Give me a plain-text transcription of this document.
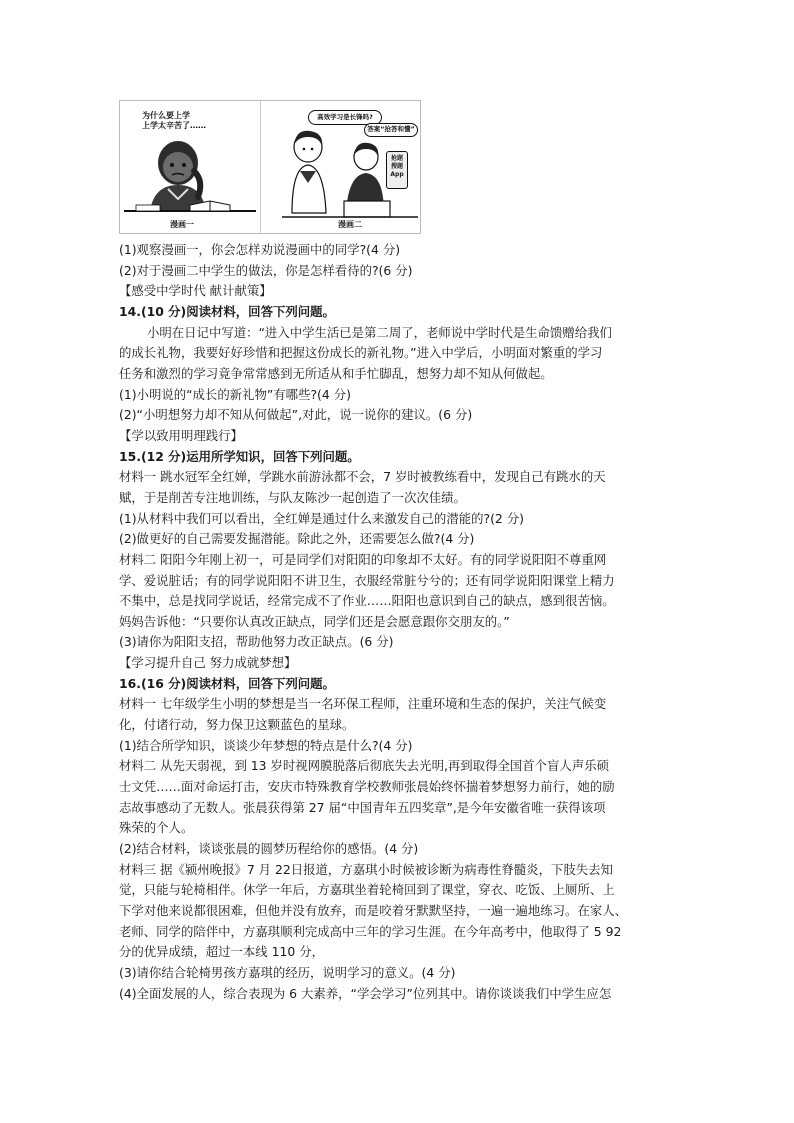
为什么要上学
上学太辛苦了……
漫画一
高效学习是长锋吗?
答案“抢答和懂”
抢题
搜题
App
漫画二

(1)观察漫画一，你会怎样劝说漫画中的同学?(4 分)

(2)对于漫画二中学生的做法，你是怎样看待的?(6 分)

【感受中学时代 献计献策】

14.(10 分)阅读材料，回答下列问题。

小明在日记中写道：“进入中学生活已是第二周了，老师说中学时代是生命馈赠给我们

的成长礼物，我要好好珍惜和把握这份成长的新礼物。”进入中学后，小明面对繁重的学习

任务和激烈的学习竟争常常感到无所适从和手忙脚乱，想努力却不知从何做起。

(1)小明说的“成长的新礼物”有哪些?(4 分)

(2)“小明想努力却不知从何做起”,对此，说一说你的建议。(6 分)

【学以致用明理践行】

15.(12 分)运用所学知识，回答下列问题。

材料一 跳水冠军全红婵，学跳水前游泳都不会，7 岁时被教练看中，发现自己有跳水的天

赋，于是削苦专注地训练，与队友陈沙一起创造了一次次佳绩。

(1)从材料中我们可以看出，全红婵是通过什么来激发自己的潜能的?(2 分)

(2)做更好的自己需要发掘潜能。除此之外，还需要怎么做?(4 分)

材料二 阳阳今年刚上初一，可是同学们对阳阳的印象却不太好。有的同学说阳阳不尊重网

学、爱说脏话；有的同学说阳阳不讲卫生，衣服经常脏兮兮的；还有同学说阳阳课堂上精力

不集中，总是找同学说话，经常完成不了作业……阳阳也意识到自己的缺点，感到很苦恼。

妈妈告诉他：“只要你认真改正缺点，同学们还是会愿意跟你交朋友的。”

(3)请你为阳阳支招，帮助他努力改正缺点。(6 分)

【学习提升自己 努力成就梦想】

16.(16 分)阅读材料，回答下列问题。

材料一 七年级学生小明的梦想是当一名环保工程师，注重环境和生态的保护，关注气候变

化，付诸行动，努力保卫这颗蓝色的星球。

(1)结合所学知识，谈谈少年梦想的特点是什么?(4 分)

材料二 从先天弱视，到 13 岁时视网膜脱落后彻底失去光明,再到取得全国首个盲人声乐硕

士文凭……面对命运打击，安庆市特殊教育学校教师张晨始终怀揣着梦想努力前行，她的励

志故事感动了无数人。张晨获得第 27 届“中国青年五四奖章”,是今年安徽省唯一获得该项

殊荣的个人。

(2)结合材料，谈谈张晨的圆梦历程给你的感悟。(4 分)

材料三 据《颍州晚报》7 月 22日报道，方嘉琪小时候被诊断为病毒性脊髓炎，下肢失去知

觉，只能与轮椅相伴。休学一年后，方嘉琪坐着轮椅回到了课堂，穿衣、吃饭、上厕所、上

下学对他来说都很困难，但他并没有放弃，而是咬着牙默默坚持，一遍一遍地练习。在家人、

老师、同学的陪伴中，方嘉琪顺利完成高中三年的学习生涯。在今年高考中，他取得了 5 92

分的优异成绩，超过一本线 110 分，

(3)请你结合轮椅男孩方嘉琪的经历，说明学习的意义。(4 分)

(4)全面发展的人，综合表现为 6 大素养，“学会学习”位列其中。请你谈谈我们中学生应怎
